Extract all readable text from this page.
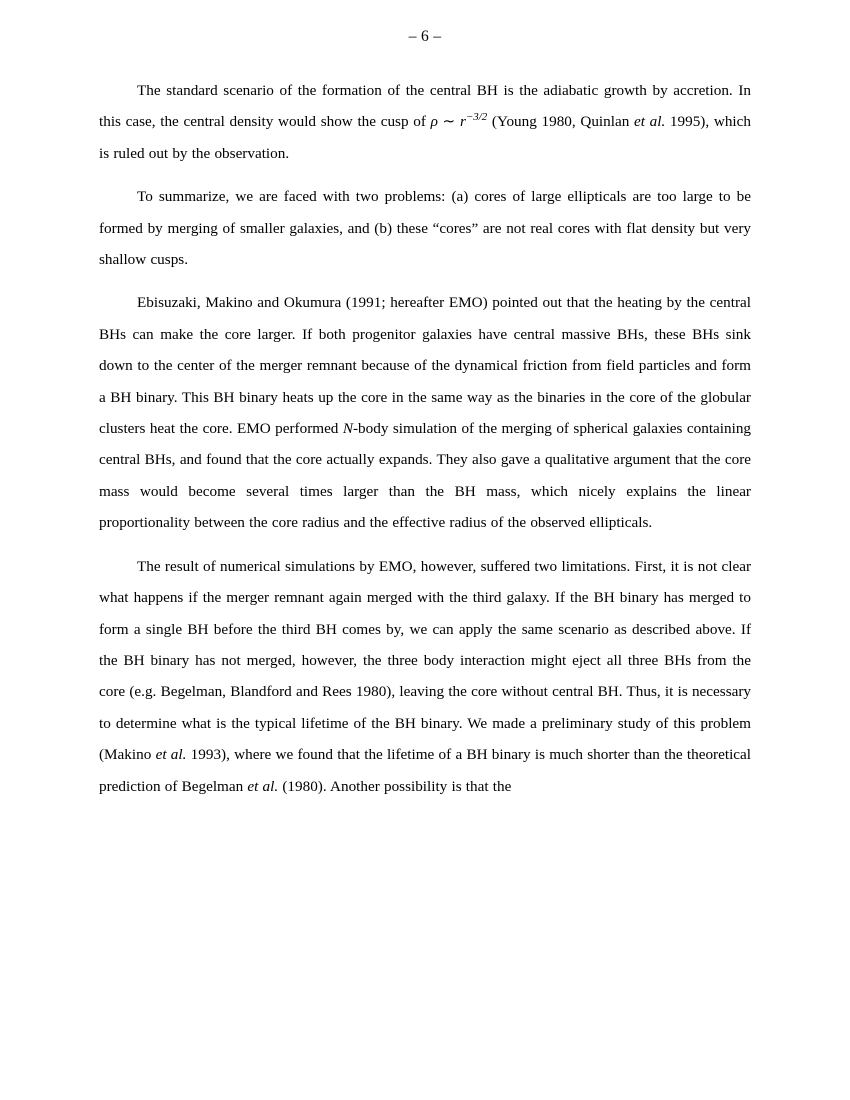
– 6 –

The standard scenario of the formation of the central BH is the adiabatic growth by accretion. In this case, the central density would show the cusp of ρ ∼ $r^{-3/2}$ (Young 1980, Quinlan et al. 1995), which is ruled out by the observation.

To summarize, we are faced with two problems: (a) cores of large ellipticals are too large to be formed by merging of smaller galaxies, and (b) these “cores” are not real cores with flat density but very shallow cusps.

Ebisuzaki, Makino and Okumura (1991; hereafter EMO) pointed out that the heating by the central BHs can make the core larger. If both progenitor galaxies have central massive BHs, these BHs sink down to the center of the merger remnant because of the dynamical friction from field particles and form a BH binary. This BH binary heats up the core in the same way as the binaries in the core of the globular clusters heat the core. EMO performed N-body simulation of the merging of spherical galaxies containing central BHs, and found that the core actually expands. They also gave a qualitative argument that the core mass would become several times larger than the BH mass, which nicely explains the linear proportionality between the core radius and the effective radius of the observed ellipticals.

The result of numerical simulations by EMO, however, suffered two limitations. First, it is not clear what happens if the merger remnant again merged with the third galaxy. If the BH binary has merged to form a single BH before the third BH comes by, we can apply the same scenario as described above. If the BH binary has not merged, however, the three body interaction might eject all three BHs from the core (e.g. Begelman, Blandford and Rees 1980), leaving the core without central BH. Thus, it is necessary to determine what is the typical lifetime of the BH binary. We made a preliminary study of this problem (Makino et al. 1993), where we found that the lifetime of a BH binary is much shorter than the theoretical prediction of Begelman et al. (1980). Another possibility is that the
